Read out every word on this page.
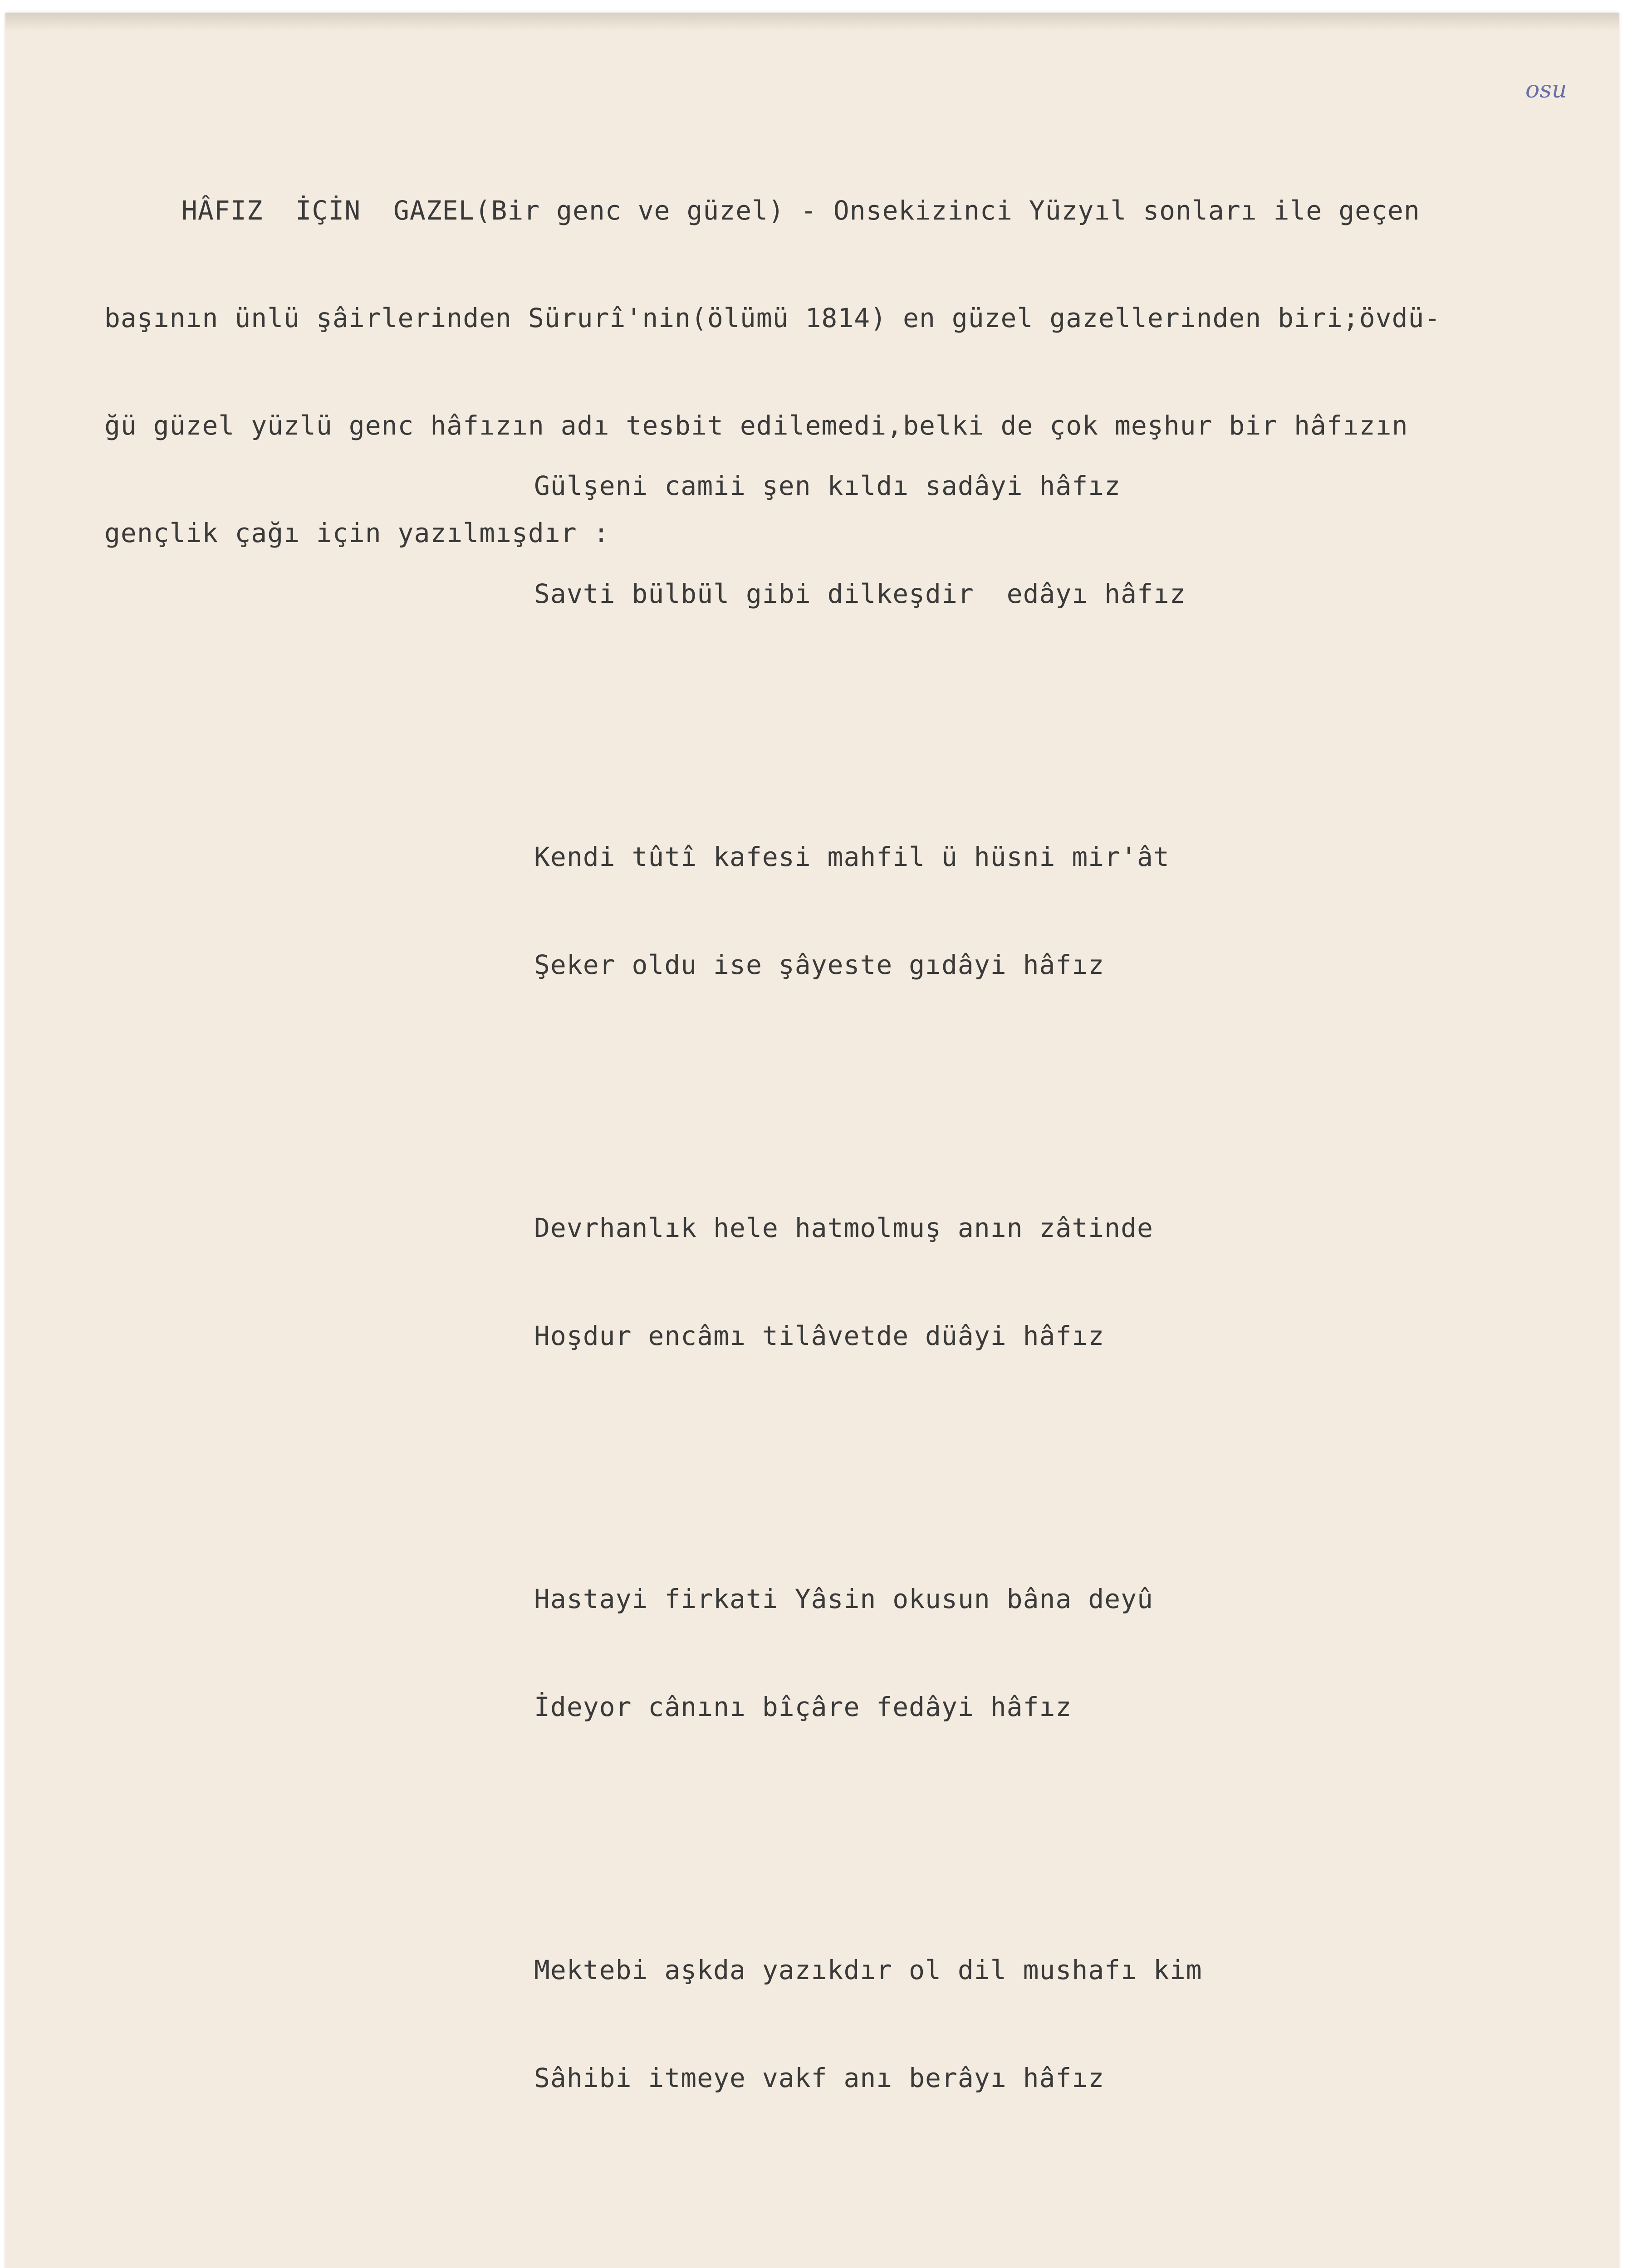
osu

HÂFIZ  İÇİN  GAZEL(Bir genc ve güzel) - Onsekizinci Yüzyıl sonları ile geçen

başının ünlü şâirlerinden Sürurî'nin(ölümü 1814) en güzel gazellerinden biri;övdü-

ğü güzel yüzlü genc hâfızın adı tesbit edilemedi,belki de çok meşhur bir hâfızın

gençlik çağı için yazılmışdır :

Gülşeni camii şen kıldı sadâyi hâfız

Savti bülbül gibi dilkeşdir  edâyı hâfız

Kendi tûtî kafesi mahfil ü hüsni mir'ât

Şeker oldu ise şâyeste gıdâyi hâfız

Devrhanlık hele hatmolmuş anın zâtinde

Hoşdur encâmı tilâvetde düâyi hâfız

Hastayi firkati Yâsin okusun bâna deyû

İdeyor cânını bîçâre fedâyi hâfız

Mektebi aşkda yazıkdır ol dil mushafı kim

Sâhibi itmeye vakf anı berâyı hâfız
